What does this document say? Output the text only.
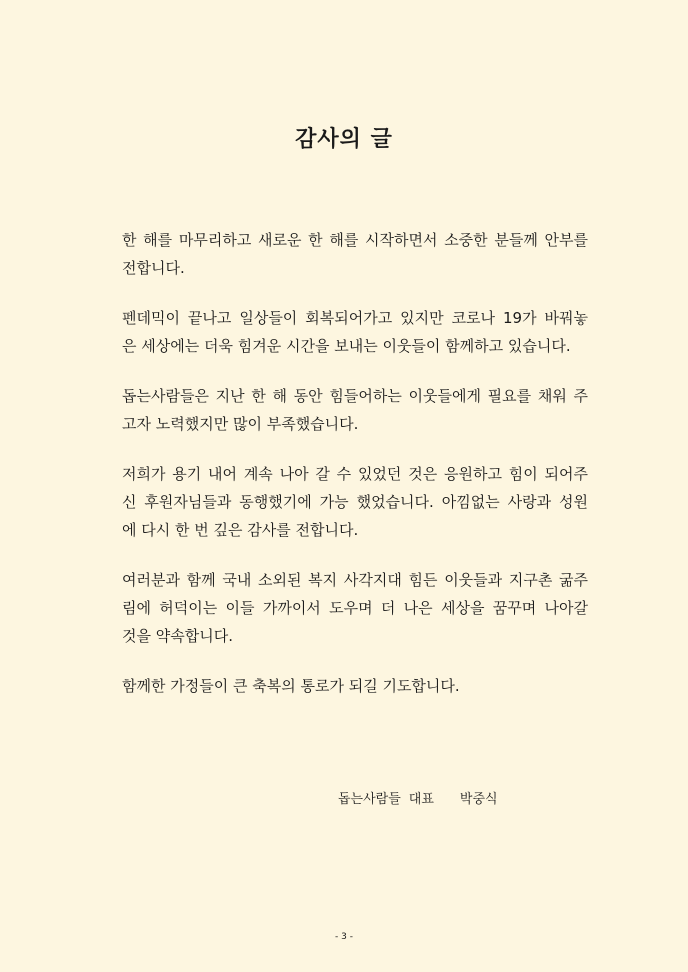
감사의 글
한 해를 마무리하고 새로운 한 해를 시작하면서 소중한 분들께 안부를
전합니다.
펜데믹이 끝나고 일상들이 회복되어가고 있지만 코로나 19가 바꿔놓
은 세상에는 더욱 힘겨운 시간을 보내는 이웃들이 함께하고 있습니다.
돕는사람들은 지난 한 해 동안 힘들어하는 이웃들에게 필요를 채워 주
고자 노력했지만 많이 부족했습니다.
저희가 용기 내어 계속 나아 갈 수 있었던 것은 응원하고 힘이 되어주
신 후원자님들과 동행했기에 가능 했었습니다. 아낌없는 사랑과 성원
에 다시 한 번 깊은 감사를 전합니다.
여러분과 함께 국내 소외된 복지 사각지대 힘든 이웃들과 지구촌 굶주
림에 허덕이는 이들 가까이서 도우며 더 나은 세상을 꿈꾸며 나아갈
것을 약속합니다.
함께한 가정들이 큰 축복의 통로가 되길 기도합니다.
돕는사람들 대표 박중식
- 3 -
